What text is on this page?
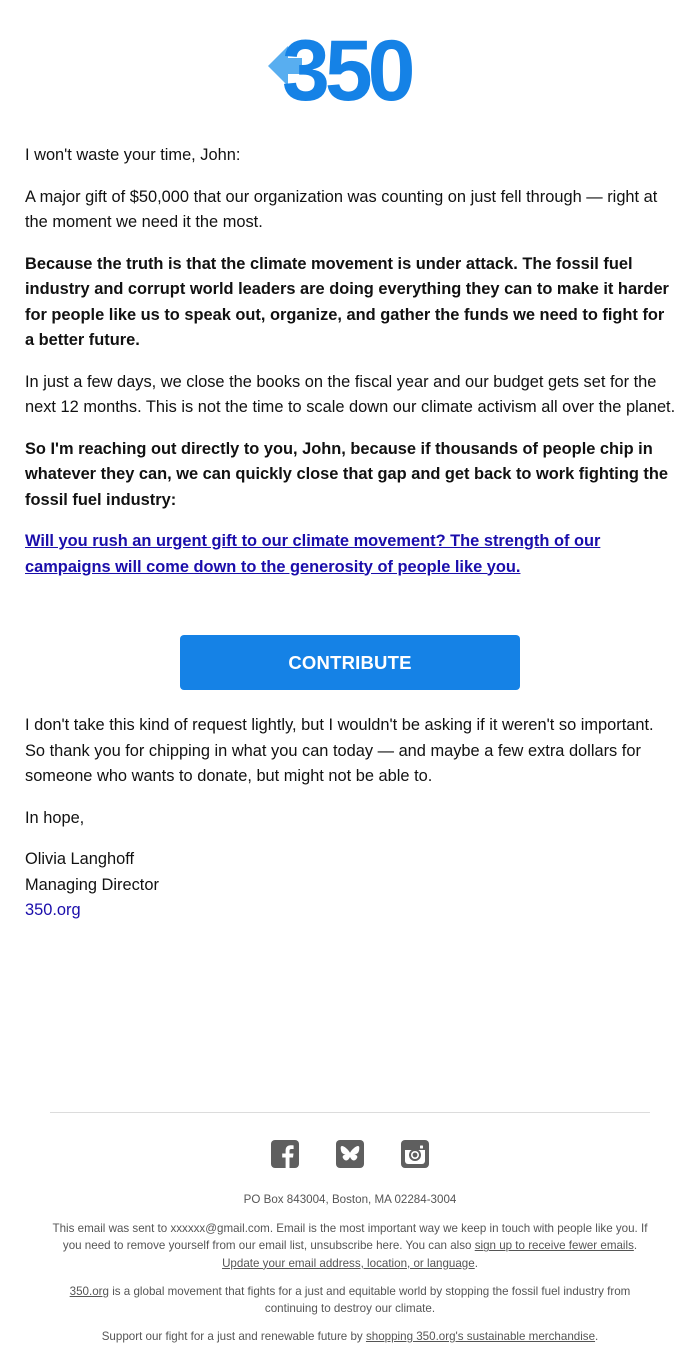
350

I won't waste your time, John:

A major gift of $50,000 that our organization was counting on just fell through — right at the moment we need it the most.

Because the truth is that the climate movement is under attack. The fossil fuel industry and corrupt world leaders are doing everything they can to make it harder for people like us to speak out, organize, and gather the funds we need to fight for a better future.

In just a few days, we close the books on the fiscal year and our budget gets set for the next 12 months. This is not the time to scale down our climate activism all over the planet.

So I'm reaching out directly to you, John, because if thousands of people chip in whatever they can, we can quickly close that gap and get back to work fighting the fossil fuel industry:

Will you rush an urgent gift to our climate movement? The strength of our campaigns will come down to the generosity of people like you.

CONTRIBUTE

I don't take this kind of request lightly, but I wouldn't be asking if it weren't so important. So thank you for chipping in what you can today — and maybe a few extra dollars for someone who wants to donate, but might not be able to.

In hope,

Olivia Langhoff

Managing Director

350.org

PO Box 843004, Boston, MA 02284-3004

This email was sent to xxxxxx@gmail.com. Email is the most important way we keep in touch with people like you. If you need to remove yourself from our email list, unsubscribe here. You can also sign up to receive fewer emails. Update your email address, location, or language.

350.org is a global movement that fights for a just and equitable world by stopping the fossil fuel industry from continuing to destroy our climate.

Support our fight for a just and renewable future by shopping 350.org's sustainable merchandise.
